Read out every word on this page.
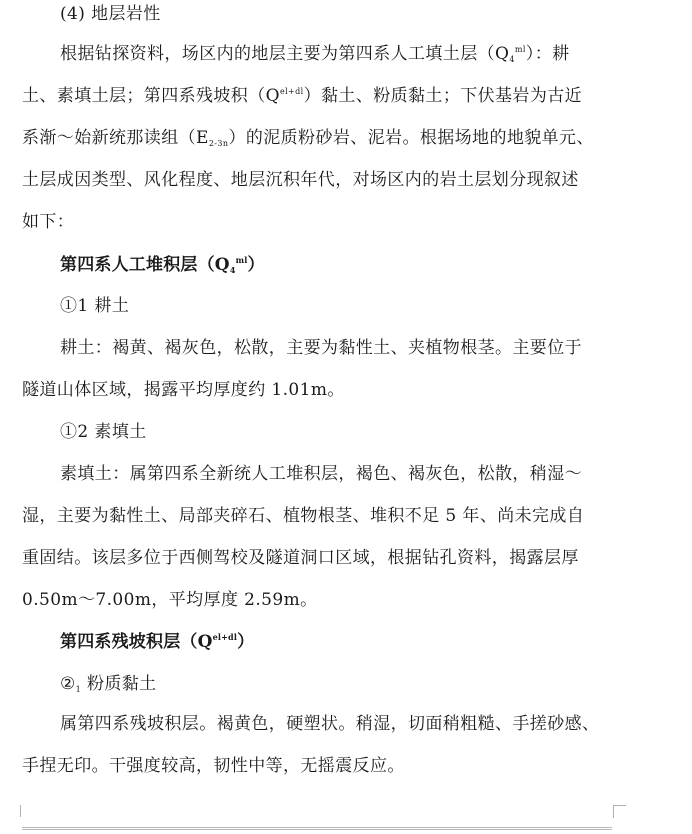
(4) 地层岩性
根据钻探资料，场区内的地层主要为第四系人工填土层$(Q_4^{ml})$：耕
土、素填土层；第四系残坡积$(Q^{el+dl})$黏土、粉质黏土；下伏基岩为古近
系渐～始新统那读组$(E_{2-3n})$的泥质粉砂岩、泥岩。根据场地的地貌单元、
土层成因类型、风化程度、地层沉积年代，对场区内的岩土层划分现叙述
如下：
第四系人工堆积层$(Q_4^{ml})$
①1 耕土
耕土：褐黄、褐灰色，松散，主要为黏性土、夹植物根茎。主要位于
隧道山体区域，揭露平均厚度约 1.01m。
①2 素填土
素填土：属第四系全新统人工堆积层，褐色、褐灰色，松散，稍湿～
湿，主要为黏性土、局部夹碎石、植物根茎、堆积不足 5 年、尚未完成自
重固结。该层多位于西侧驾校及隧道洞口区域，根据钻孔资料，揭露层厚
0.50m～7.00m，平均厚度 2.59m。
第四系残坡积层$(Q^{el+dl})$
$②_1$ 粉质黏土
属第四系残坡积层。褐黄色，硬塑状。稍湿，切面稍粗糙、手搓砂感、
手捏无印。干强度较高，韧性中等，无摇震反应。
